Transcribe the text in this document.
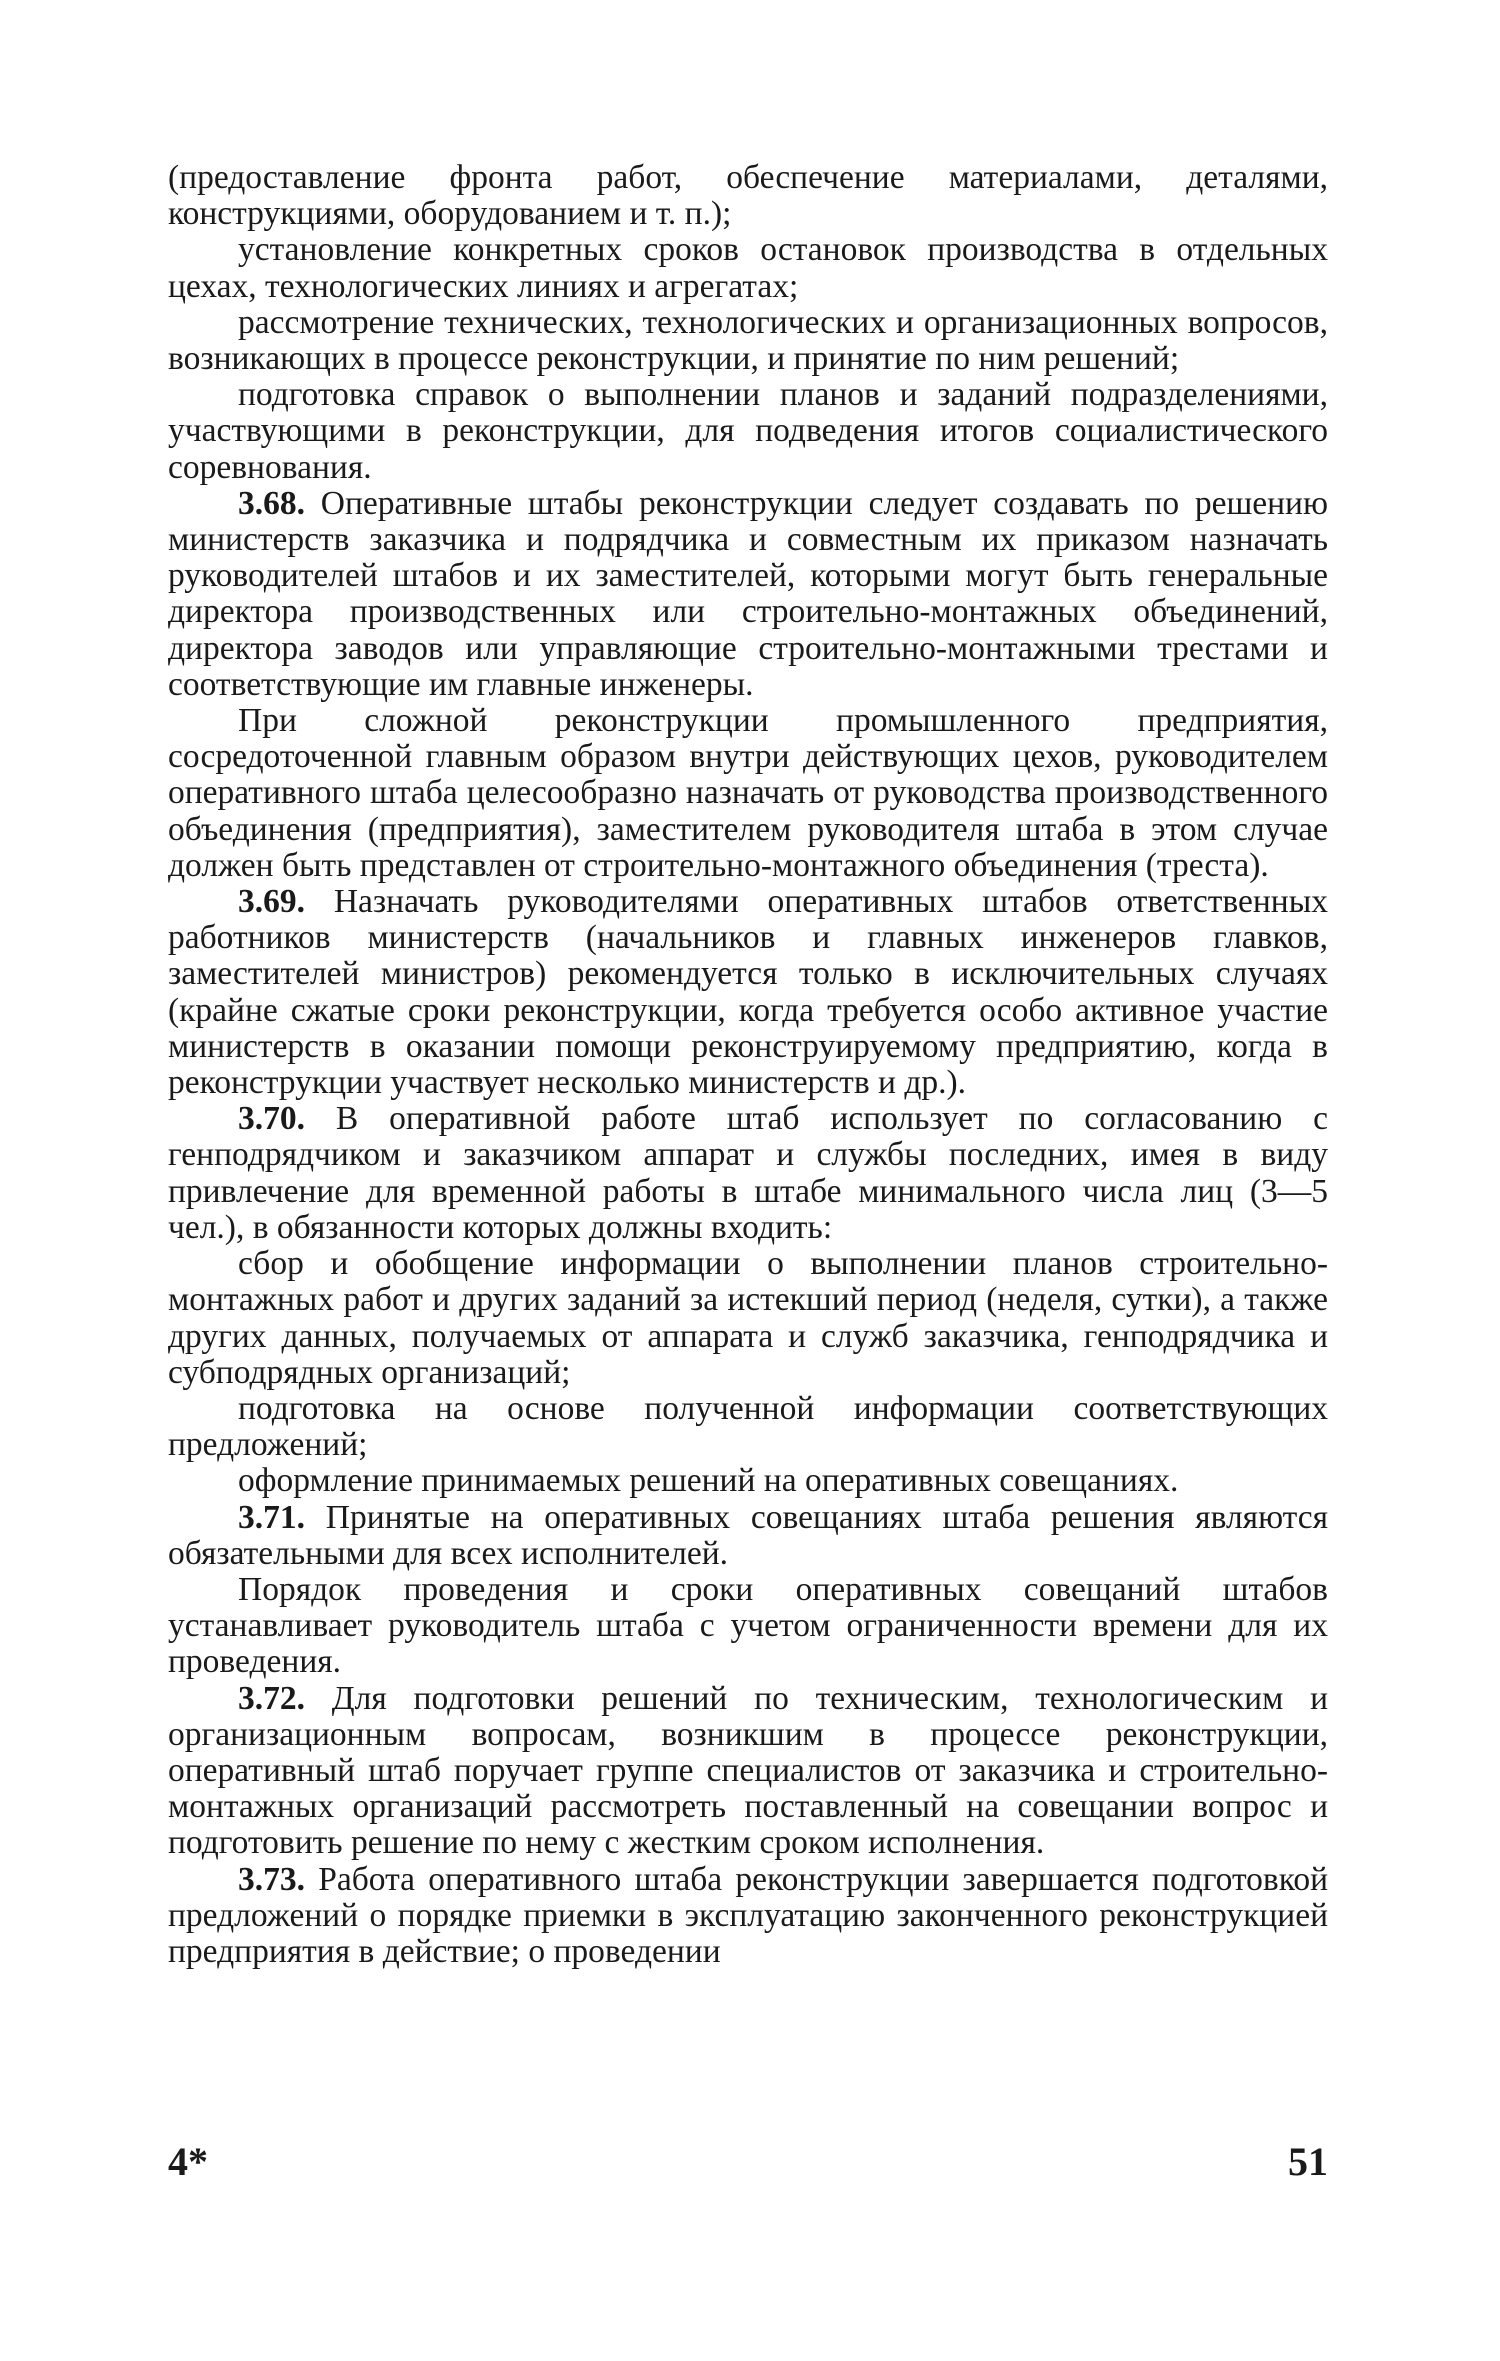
(предоставление фронта работ, обеспечение материалами, деталями, конструкциями, оборудованием и т. п.);

установление конкретных сроков остановок производства в отдельных цехах, технологических линиях и агрегатах;

рассмотрение технических, технологических и организационных вопросов, возникающих в процессе реконструкции, и принятие по ним решений;

подготовка справок о выполнении планов и заданий подразделениями, участвующими в реконструкции, для подведения итогов социалистического соревнования.

3.68. Оперативные штабы реконструкции следует создавать по решению министерств заказчика и подрядчика и совместным их приказом назначать руководителей штабов и их заместителей, которыми могут быть генеральные директора производственных или строительно-монтажных объединений, директора заводов или управляющие строительно-монтажными трестами и соответствующие им главные инженеры.

При сложной реконструкции промышленного предприятия, сосредоточенной главным образом внутри действующих цехов, руководителем оперативного штаба целесообразно назначать от руководства производственного объединения (предприятия), заместителем руководителя штаба в этом случае должен быть представлен от строительно-монтажного объединения (треста).

3.69. Назначать руководителями оперативных штабов ответственных работников министерств (начальников и главных инженеров главков, заместителей министров) рекомендуется только в исключительных случаях (крайне сжатые сроки реконструкции, когда требуется особо активное участие министерств в оказании помощи реконструируемому предприятию, когда в реконструкции участвует несколько министерств и др.).

3.70. В оперативной работе штаб использует по согласованию с генподрядчиком и заказчиком аппарат и службы последних, имея в виду привлечение для временной работы в штабе минимального числа лиц (3—5 чел.), в обязанности которых должны входить:

сбор и обобщение информации о выполнении планов строительно-монтажных работ и других заданий за истекший период (неделя, сутки), а также других данных, получаемых от аппарата и служб заказчика, генподрядчика и субподрядных организаций;

подготовка на основе полученной информации соответствующих предложений;

оформление принимаемых решений на оперативных совещаниях.

3.71. Принятые на оперативных совещаниях штаба решения являются обязательными для всех исполнителей.

Порядок проведения и сроки оперативных совещаний штабов устанавливает руководитель штаба с учетом ограниченности времени для их проведения.

3.72. Для подготовки решений по техническим, технологическим и организационным вопросам, возникшим в процессе реконструкции, оперативный штаб поручает группе специалистов от заказчика и строительно-монтажных организаций рассмотреть поставленный на совещании вопрос и подготовить решение по нему с жестким сроком исполнения.

3.73. Работа оперативного штаба реконструкции завершается подготовкой предложений о порядке приемки в эксплуатацию законченного реконструкцией предприятия в действие; о проведении

4*	51
